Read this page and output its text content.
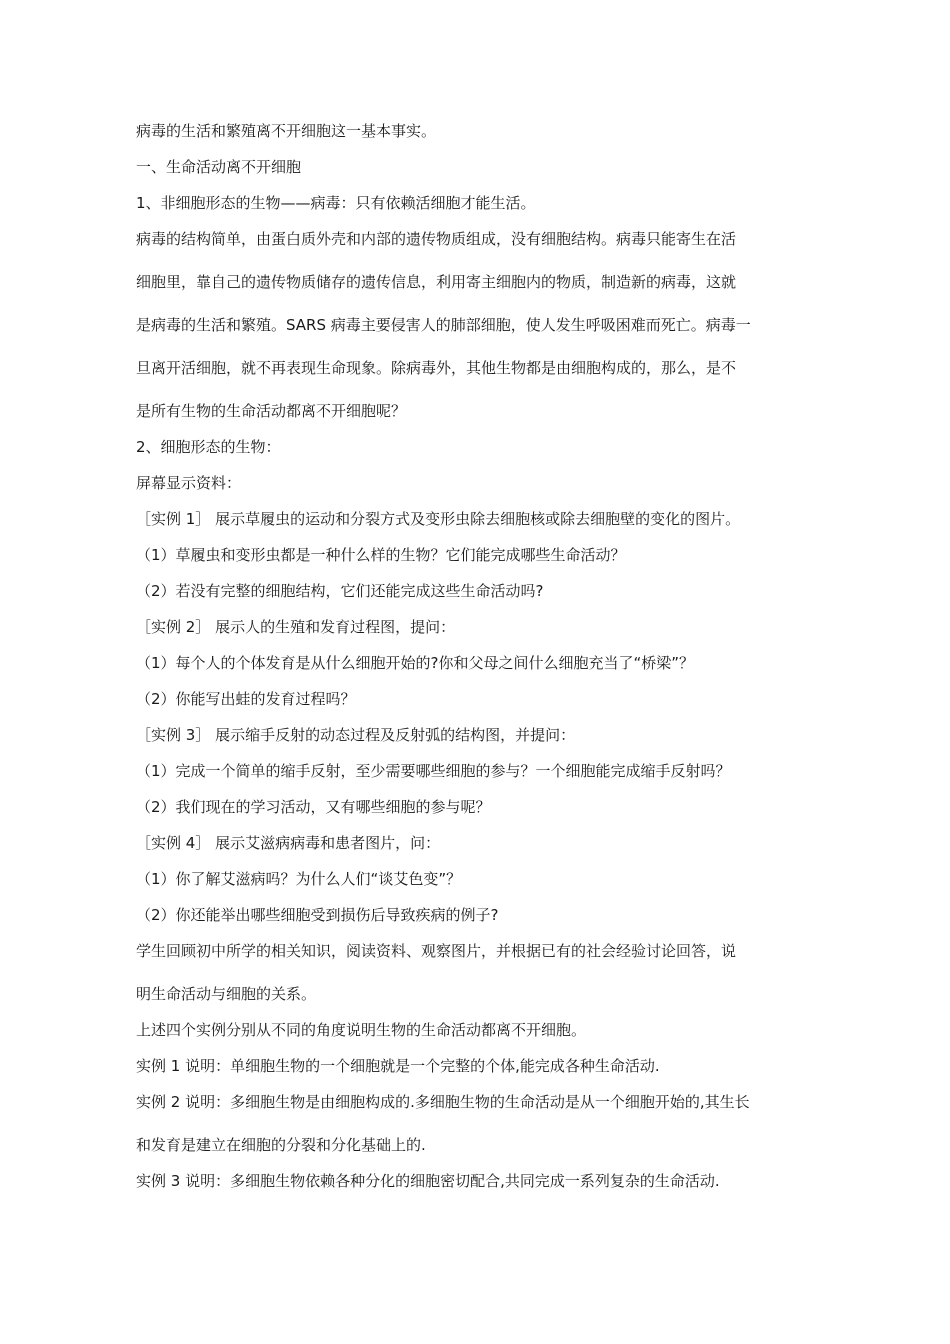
病毒的生活和繁殖离不开细胞这一基本事实。

一、生命活动离不开细胞

1、非细胞形态的生物——病毒：只有依赖活细胞才能生活。

病毒的结构简单，由蛋白质外壳和内部的遗传物质组成，没有细胞结构。病毒只能寄生在活

细胞里，靠自己的遗传物质储存的遗传信息，利用寄主细胞内的物质，制造新的病毒，这就

是病毒的生活和繁殖。SARS 病毒主要侵害人的肺部细胞，使人发生呼吸困难而死亡。病毒一

旦离开活细胞，就不再表现生命现象。除病毒外，其他生物都是由细胞构成的，那么，是不

是所有生物的生命活动都离不开细胞呢？

2、细胞形态的生物：

屏幕显示资料：

［实例 1］ 展示草履虫的运动和分裂方式及变形虫除去细胞核或除去细胞壁的变化的图片。

（1）草履虫和变形虫都是一种什么样的生物？它们能完成哪些生命活动？

（2）若没有完整的细胞结构，它们还能完成这些生命活动吗?

［实例 2］ 展示人的生殖和发育过程图，提问：

（1）每个人的个体发育是从什么细胞开始的?你和父母之间什么细胞充当了“桥梁”？

（2）你能写出蛙的发育过程吗？

［实例 3］ 展示缩手反射的动态过程及反射弧的结构图，并提问：

（1）完成一个简单的缩手反射，至少需要哪些细胞的参与？一个细胞能完成缩手反射吗？

（2）我们现在的学习活动，又有哪些细胞的参与呢？

［实例 4］ 展示艾滋病病毒和患者图片，问：

（1）你了解艾滋病吗？为什么人们“谈艾色变”？

（2）你还能举出哪些细胞受到损伤后导致疾病的例子?

学生回顾初中所学的相关知识，阅读资料、观察图片，并根据已有的社会经验讨论回答，说

明生命活动与细胞的关系。

上述四个实例分别从不同的角度说明生物的生命活动都离不开细胞。

实例 1 说明：单细胞生物的一个细胞就是一个完整的个体,能完成各种生命活动.

实例 2 说明：多细胞生物是由细胞构成的.多细胞生物的生命活动是从一个细胞开始的,其生长

和发育是建立在细胞的分裂和分化基础上的.

实例 3 说明：多细胞生物依赖各种分化的细胞密切配合,共同完成一系列复杂的生命活动.
